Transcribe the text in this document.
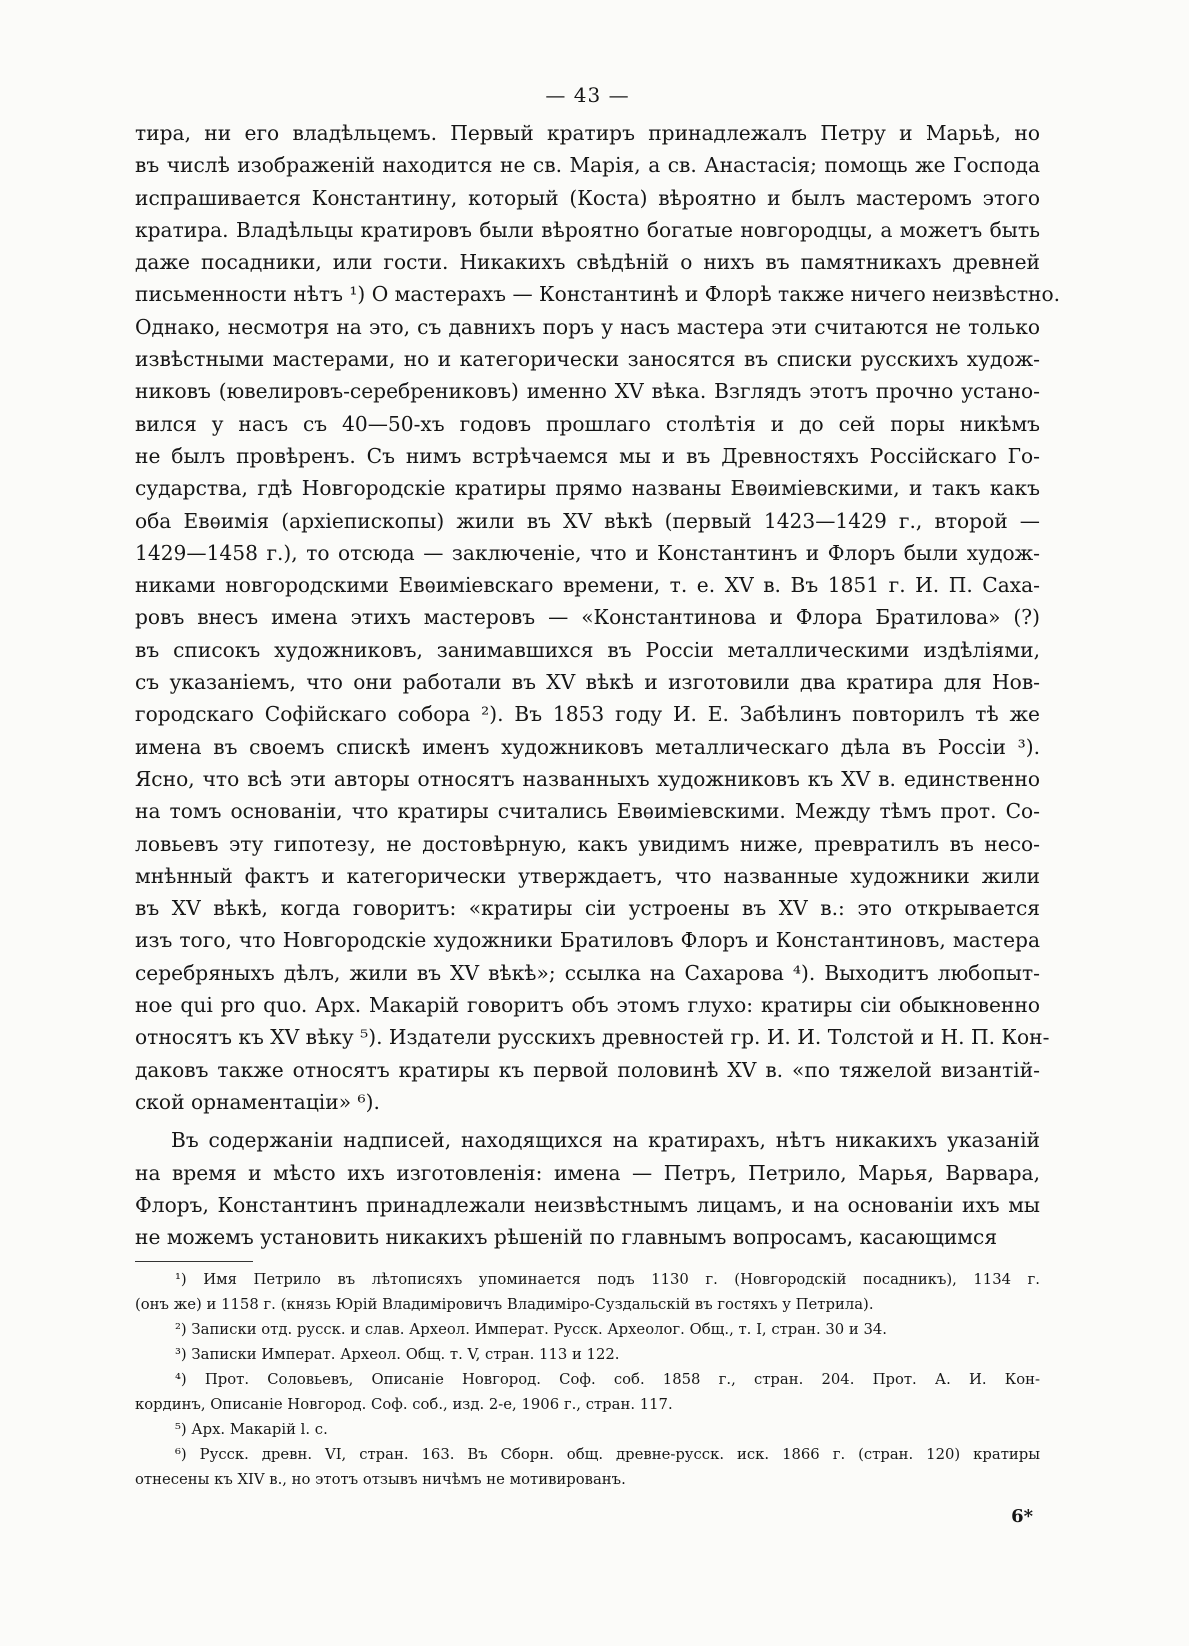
— 43 —
тира, ни его владѣльцемъ. Первый кратиръ принадлежалъ Петру и Марьѣ, но
въ числѣ изображеній находится не св. Марія, а св. Анастасія; помощь же Господа
испрашивается Константину, который (Коста) вѣроятно и былъ мастеромъ этого
кратира. Владѣльцы кратировъ были вѣроятно богатые новгородцы, а можетъ быть
даже посадники, или гости. Никакихъ свѣдѣній о нихъ въ памятникахъ древней
письменности нѣтъ ¹) О мастерахъ — Константинѣ и Флорѣ также ничего неизвѣстно.
Однако, несмотря на это, съ давнихъ поръ у насъ мастера эти считаются не только
извѣстными мастерами, но и категорически заносятся въ списки русскихъ худож-
никовъ (ювелировъ-серебрениковъ) именно XV вѣка. Взглядъ этотъ прочно устано-
вился у насъ съ 40—50-хъ годовъ прошлаго столѣтія и до сей поры никѣмъ
не былъ провѣренъ. Съ нимъ встрѣчаемся мы и въ Древностяхъ Россійскаго Го-
сударства, гдѣ Новгородскіе кратиры прямо названы Евѳиміевскими, и такъ какъ
оба Евѳимія (архіепископы) жили въ XV вѣкѣ (первый 1423—1429 г., второй —
1429—1458 г.), то отсюда — заключеніе, что и Константинъ и Флоръ были худож-
никами новгородскими Евѳиміевскаго времени, т. е. XV в. Въ 1851 г. И. П. Саха-
ровъ внесъ имена этихъ мастеровъ — «Константинова и Флора Братилова» (?)
въ списокъ художниковъ, занимавшихся въ Россіи металлическими издѣліями,
съ указаніемъ, что они работали въ XV вѣкѣ и изготовили два кратира для Нов-
городскаго Софійскаго собора ²). Въ 1853 году И. Е. Забѣлинъ повторилъ тѣ же
имена въ своемъ спискѣ именъ художниковъ металлическаго дѣла въ Россіи ³).
Ясно, что всѣ эти авторы относятъ названныхъ художниковъ къ XV в. единственно
на томъ основаніи, что кратиры считались Евѳиміевскими. Между тѣмъ прот. Со-
ловьевъ эту гипотезу, не достовѣрную, какъ увидимъ ниже, превратилъ въ несо-
мнѣнный фактъ и категорически утверждаетъ, что названные художники жили
въ XV вѣкѣ, когда говоритъ: «кратиры сіи устроены въ XV в.: это открывается
изъ того, что Новгородскіе художники Братиловъ Флоръ и Константиновъ, мастера
серебряныхъ дѣлъ, жили въ XV вѣкѣ»; ссылка на Сахарова ⁴). Выходитъ любопыт-
ное qui pro quo. Арх. Макарій говоритъ объ этомъ глухо: кратиры сіи обыкновенно
относятъ къ XV вѣку ⁵). Издатели русскихъ древностей гр. И. И. Толстой и Н. П. Кон-
даковъ также относятъ кратиры къ первой половинѣ XV в. «по тяжелой византій-
ской орнаментаціи» ⁶).
Въ содержаніи надписей, находящихся на кратирахъ, нѣтъ никакихъ указаній
на время и мѣсто ихъ изготовленія: имена — Петръ, Петрило, Марья, Варвара,
Флоръ, Константинъ принадлежали неизвѣстнымъ лицамъ, и на основаніи ихъ мы
не можемъ установить никакихъ рѣшеній по главнымъ вопросамъ, касающимся
¹) Имя Петрило въ лѣтописяхъ упоминается подъ 1130 г. (Новгородскій посадникъ), 1134 г.
(онъ же) и 1158 г. (князь Юрій Владиміровичъ Владиміро-Суздальскій въ гостяхъ у Петрила).
²) Записки отд. русск. и слав. Археол. Императ. Русск. Археолог. Общ., т. I, стран. 30 и 34.
³) Записки Императ. Археол. Общ. т. V, стран. 113 и 122.
⁴) Прот. Соловьевъ, Описаніе Новгород. Соф. соб. 1858 г., стран. 204. Прот. А. И. Кон-
кординъ, Описаніе Новгород. Соф. соб., изд. 2-е, 1906 г., стран. 117.
⁵) Арх. Макарій l. c.
⁶) Русск. древн. VI, стран. 163. Въ Сборн. общ. древне-русск. иск. 1866 г. (стран. 120) кратиры
отнесены къ XIV в., но этотъ отзывъ ничѣмъ не мотивированъ.
6*
